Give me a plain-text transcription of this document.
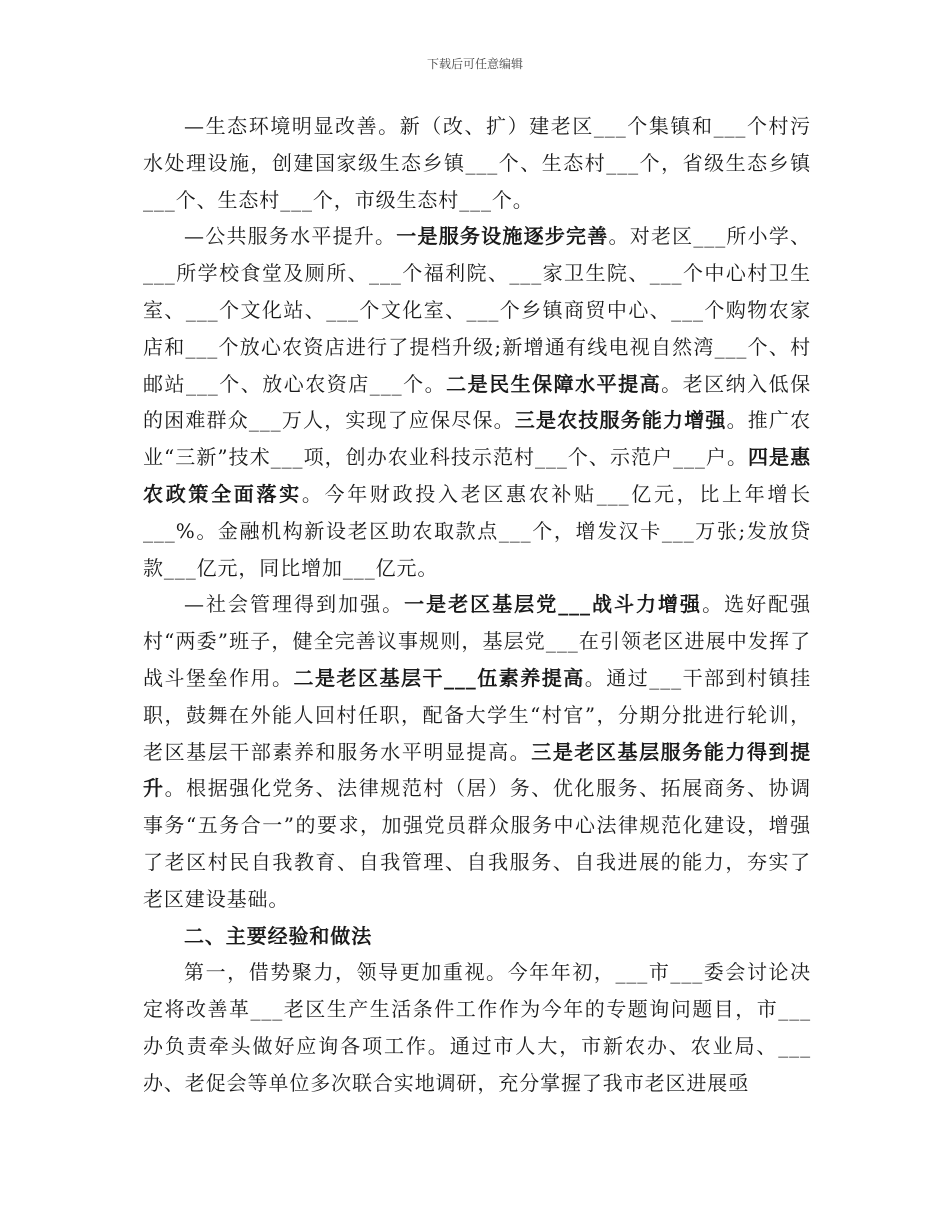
下载后可任意编辑

—生态环境明显改善。新（改、扩）建老区___个集镇和___个村污水处理设施，创建国家级生态乡镇___个、生态村___个，省级生态乡镇___个、生态村___个，市级生态村___个。

—公共服务水平提升。一是服务设施逐步完善。对老区___所小学、___所学校食堂及厕所、___个福利院、___家卫生院、___个中心村卫生室、___个文化站、___个文化室、___个乡镇商贸中心、___个购物农家店和___个放心农资店进行了提档升级;新增通有线电视自然湾___个、村邮站___个、放心农资店___个。二是民生保障水平提高。老区纳入低保的困难群众___万人，实现了应保尽保。三是农技服务能力增强。推广农业“三新”技术___项，创办农业科技示范村___个、示范户___户。四是惠农政策全面落实。今年财政投入老区惠农补贴___亿元，比上年增长___%。金融机构新设老区助农取款点___个，增发汉卡___万张;发放贷款___亿元，同比增加___亿元。

—社会管理得到加强。一是老区基层党___战斗力增强。选好配强村“两委”班子，健全完善议事规则，基层党___在引领老区进展中发挥了战斗堡垒作用。二是老区基层干___伍素养提高。通过___干部到村镇挂职，鼓舞在外能人回村任职，配备大学生“村官”，分期分批进行轮训，老区基层干部素养和服务水平明显提高。三是老区基层服务能力得到提升。根据强化党务、法律规范村（居）务、优化服务、拓展商务、协调事务“五务合一”的要求，加强党员群众服务中心法律规范化建设，增强了老区村民自我教育、自我管理、自我服务、自我进展的能力，夯实了老区建设基础。

二、主要经验和做法

第一，借势聚力，领导更加重视。今年年初，___市___委会讨论决定将改善革___老区生产生活条件工作作为今年的专题询问题目，市___办负责牵头做好应询各项工作。通过市人大，市新农办、农业局、___办、老促会等单位多次联合实地调研，充分掌握了我市老区进展亟
